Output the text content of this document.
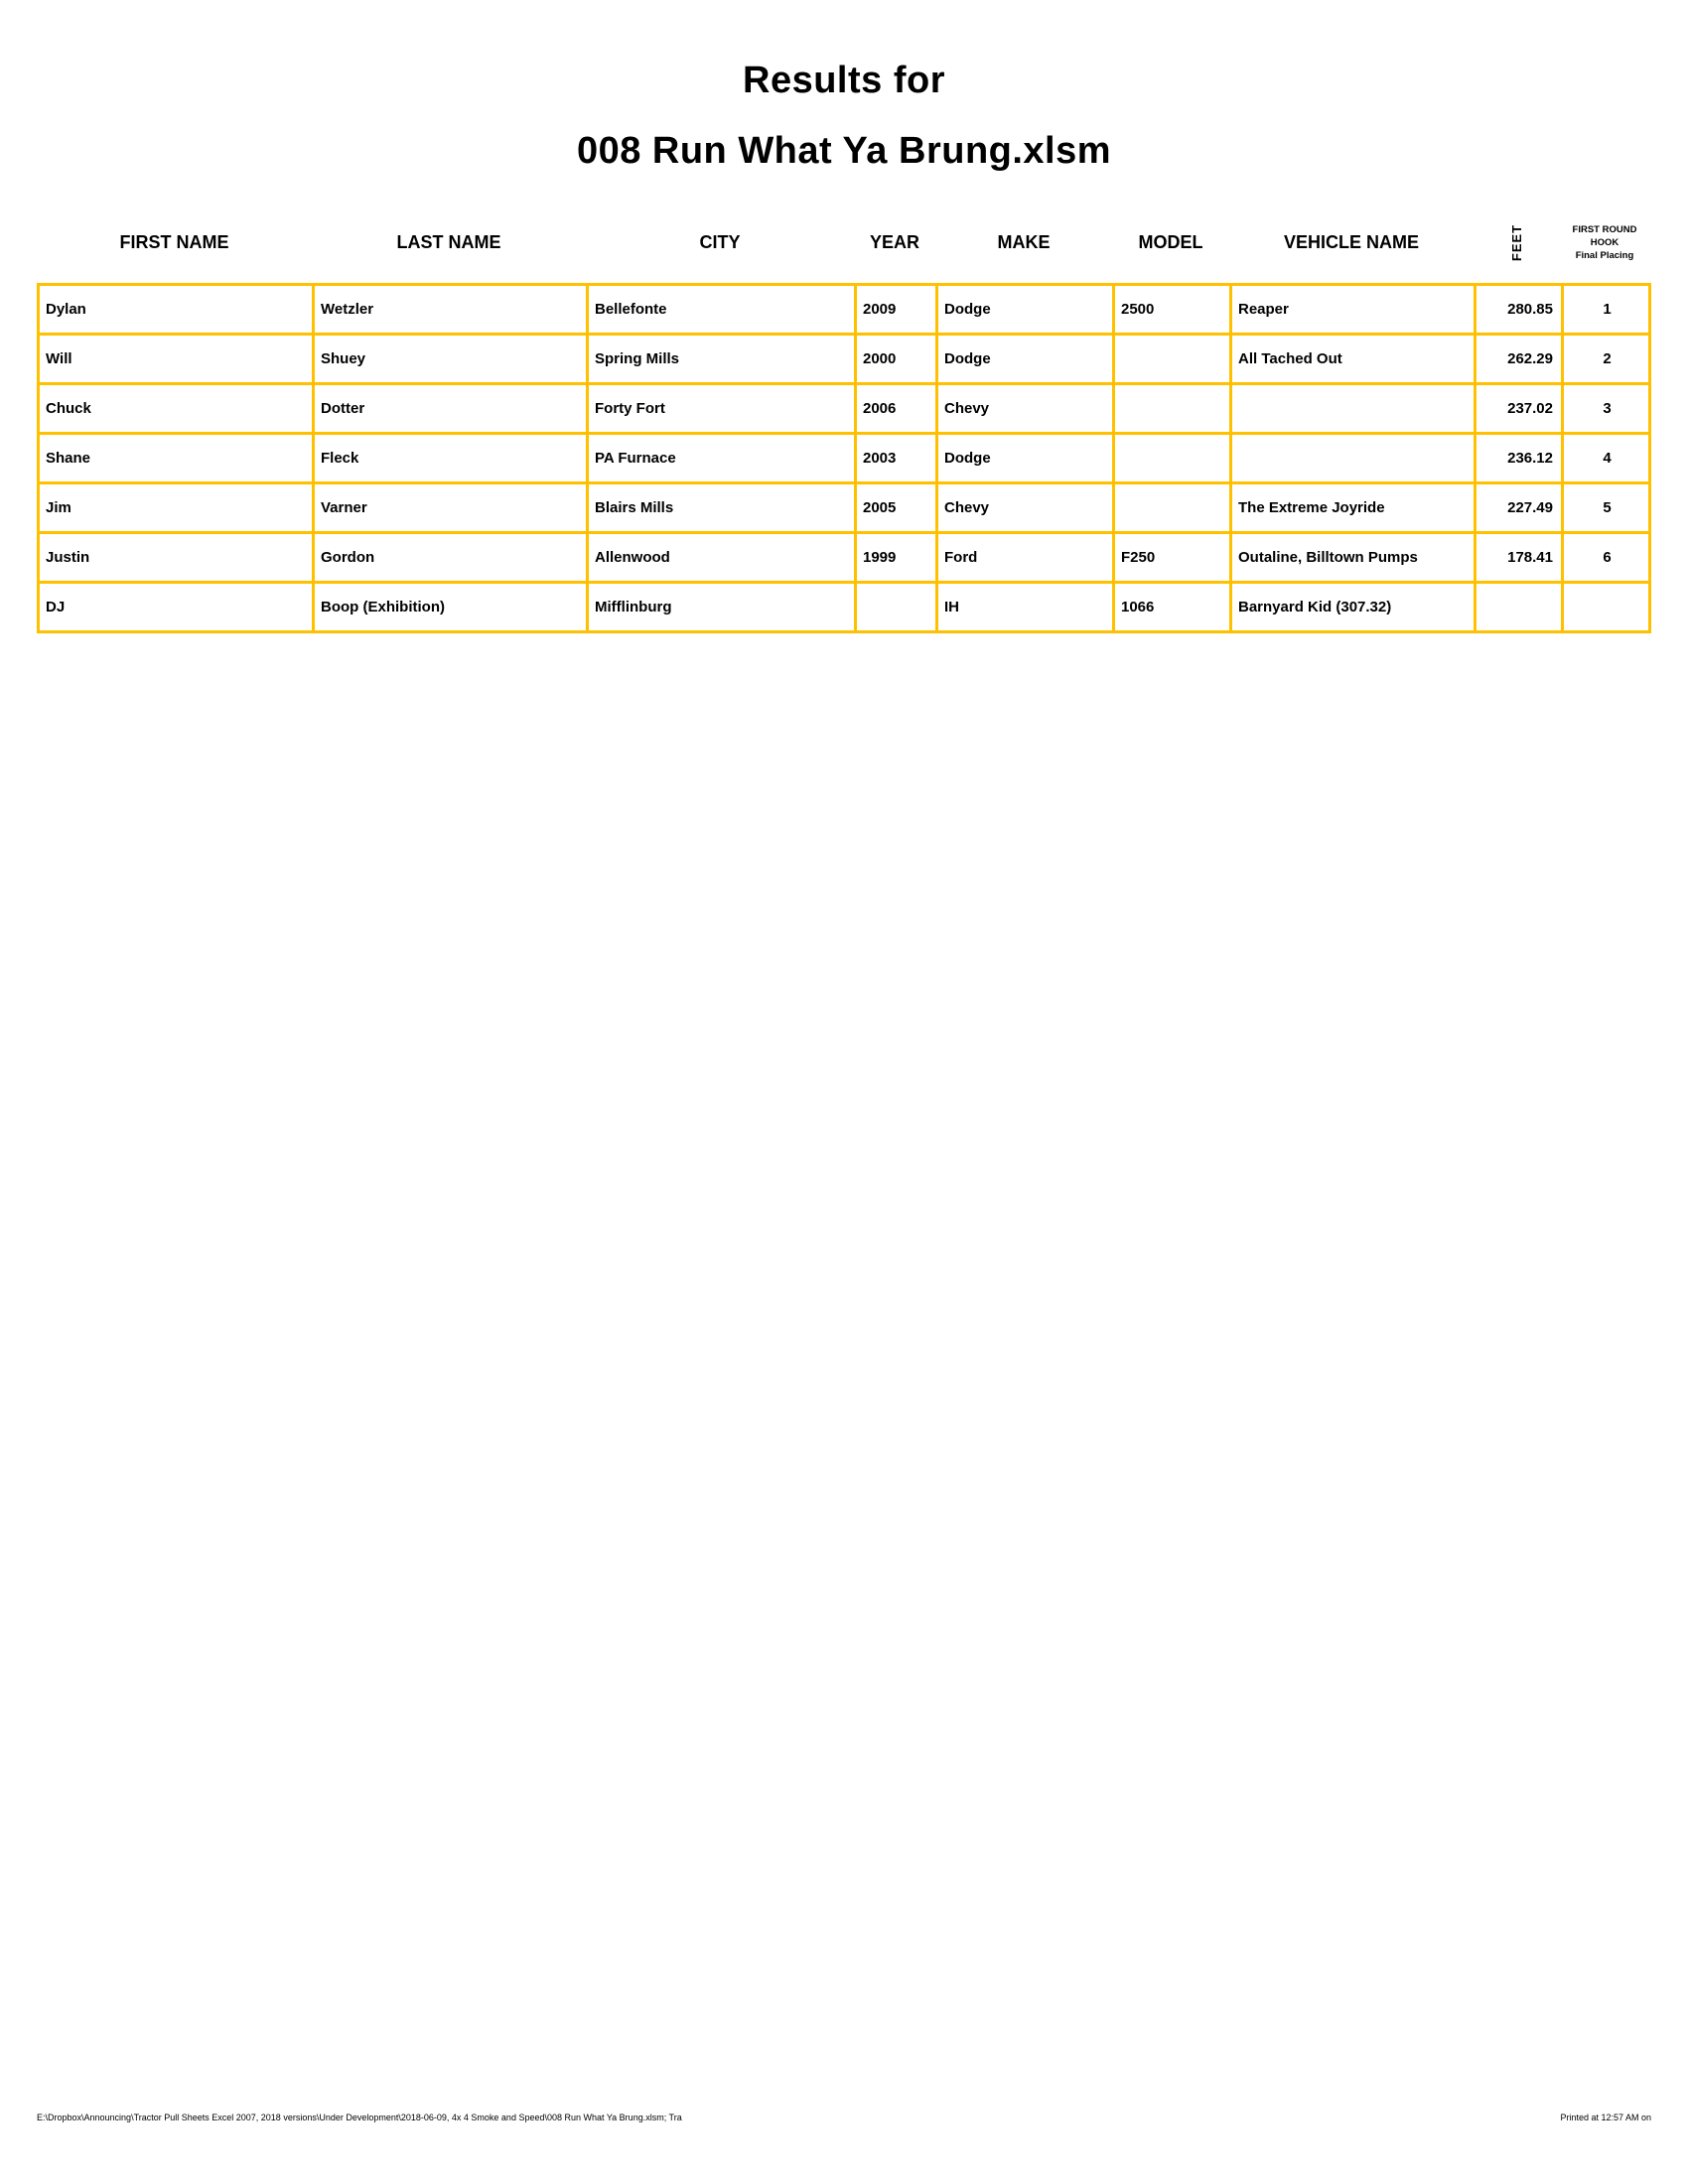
Results for
008 Run What Ya Brung.xlsm
FIRST NAME	LAST NAME	CITY	YEAR	MAKE	MODEL	VEHICLE NAME	FEET	FIRST ROUND
HOOK
Final Placing
Dylan	Wetzler	Bellefonte	2009	Dodge	2500	Reaper	280.85	1
Will	Shuey	Spring Mills	2000	Dodge		All Tached Out	262.29	2
Chuck	Dotter	Forty Fort	2006	Chevy			237.02	3
Shane	Fleck	PA Furnace	2003	Dodge			236.12	4
Jim	Varner	Blairs Mills	2005	Chevy		The Extreme Joyride	227.49	5
Justin	Gordon	Allenwood	1999	Ford	F250	Outaline, Billtown Pumps	178.41	6
DJ	Boop (Exhibition)	Mifflinburg		IH	1066	Barnyard Kid (307.32)		
E:\Dropbox\Announcing\Tractor Pull Sheets Excel 2007, 2018 versions\Under Development\2018-06-09, 4x 4 Smoke and Speed\008 Run What Ya Brung.xlsm; Tra	Printed at 12:57 AM on
